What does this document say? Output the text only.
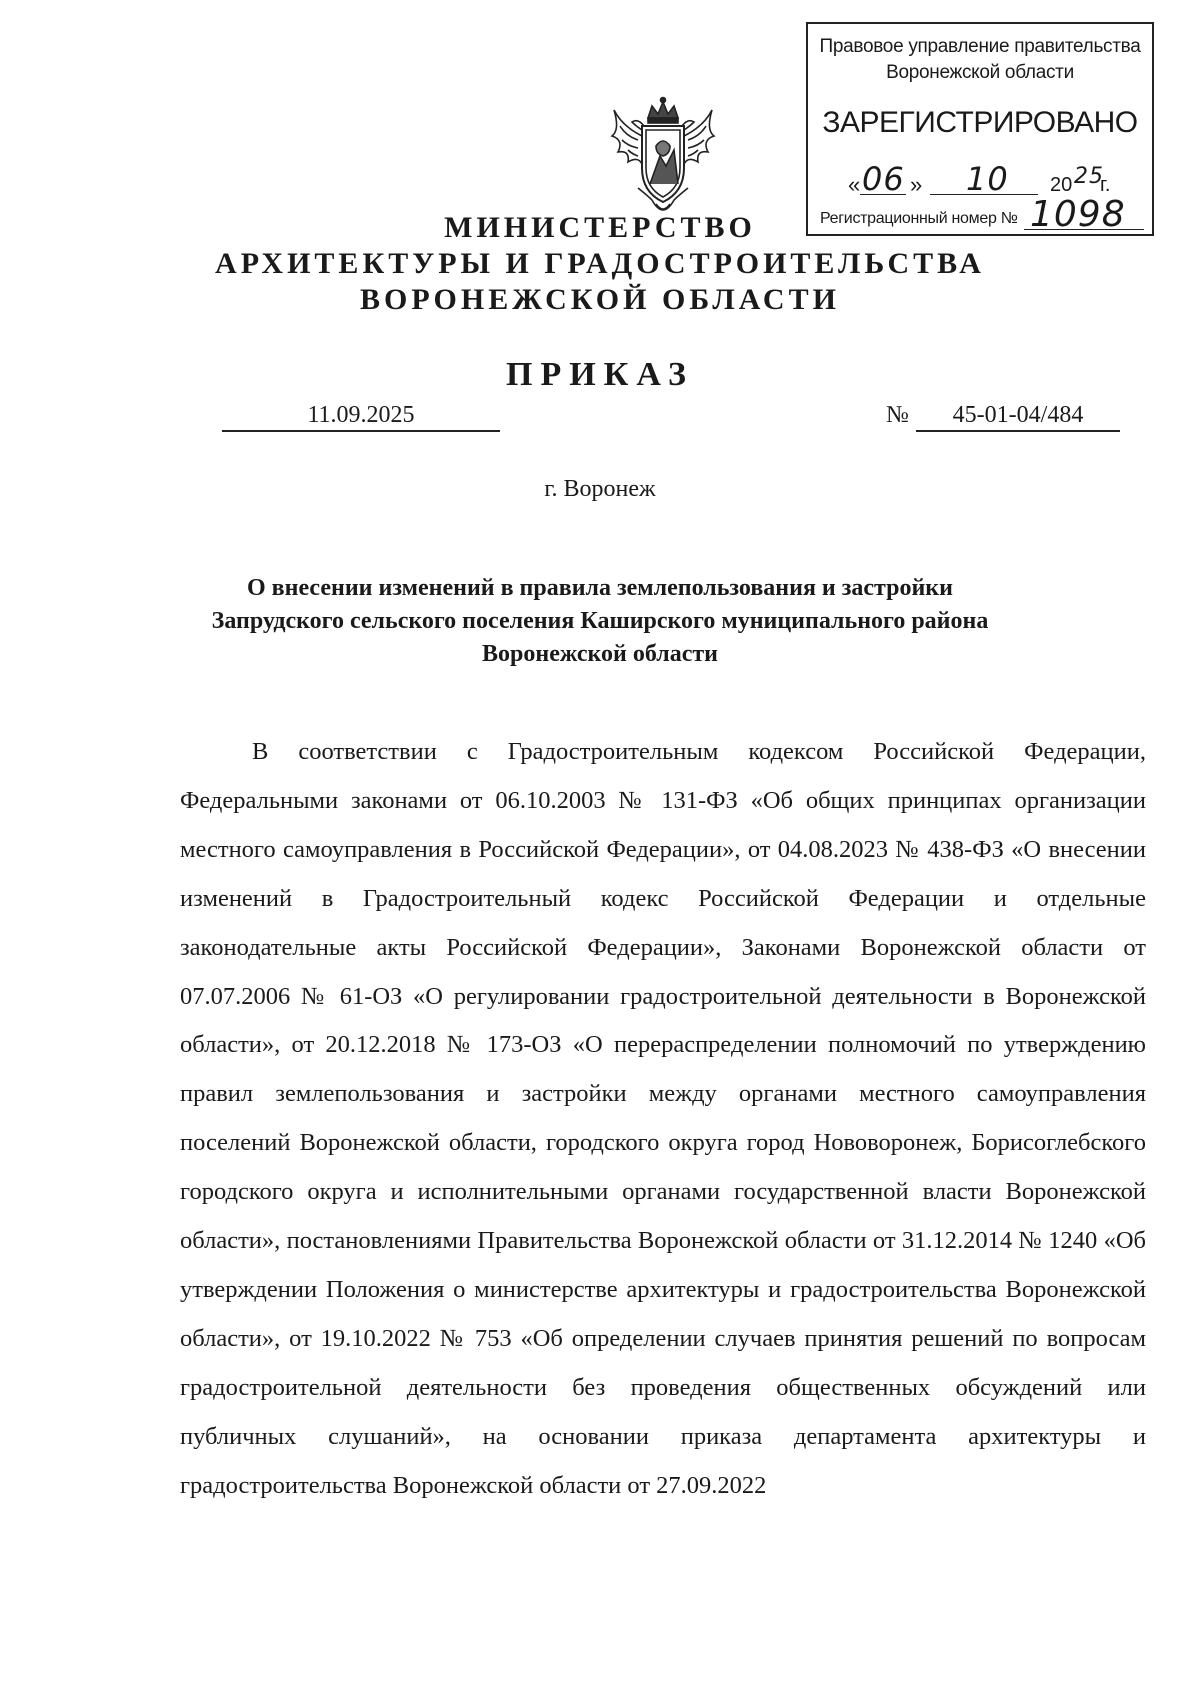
Правовое управление правительства
Воронежской области
ЗАРЕГИСТРИРОВАНО
« 06 » 10 20 25
г.
Регистрационный номер № 1098
МИНИСТЕРСТВО
АРХИТЕКТУРЫ И ГРАДОСТРОИТЕЛЬСТВА
ВОРОНЕЖСКОЙ ОБЛАСТИ
ПРИКАЗ
11.09.2025	№	45-01-04/484
г. Воронеж
О внесении изменений в правила землепользования и застройки
Запрудского сельского поселения Каширского муниципального района
Воронежской области

В соответствии с Градостроительным кодексом Российской Федерации, Федеральными законами от 06.10.2003 № 131-ФЗ «Об общих принципах организации местного самоуправления в Российской Федерации», от 04.08.2023 № 438-ФЗ «О внесении изменений в Градостроительный кодекс Российской Федерации и отдельные законодательные акты Российской Федерации», Законами Воронежской области от 07.07.2006 № 61-ОЗ «О регулировании градостроительной деятельности в Воронежской области», от 20.12.2018 № 173-ОЗ «О перераспределении полномочий по утверждению правил землепользования и застройки между органами местного самоуправления поселений Воронежской области, городского округа город Нововоронеж, Борисоглебского городского округа и исполнительными органами государственной власти Воронежской области», постановлениями Правительства Воронежской области от 31.12.2014 № 1240 «Об утверждении Положения о министерстве архитектуры и градостроительства Воронежской области», от 19.10.2022 № 753 «Об определении случаев принятия решений по вопросам градостроительной деятельности без проведения общественных обсуждений или публичных слушаний», на основании приказа департамента архитектуры и градостроительства Воронежской области от 27.09.2022
